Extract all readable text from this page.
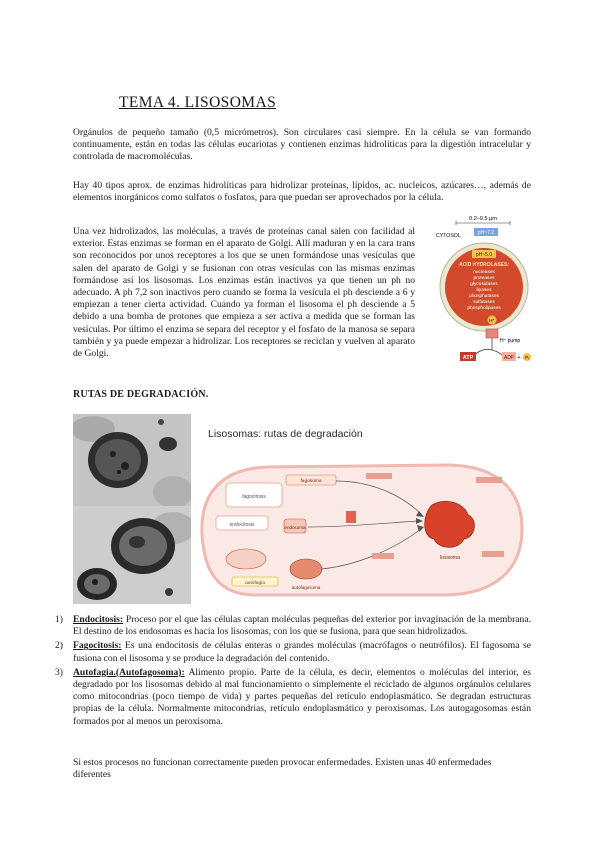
TEMA 4. LISOSOMAS

Orgánulos de pequeño tamaño (0,5 micrómetros). Son circulares casi siempre. En la célula se van formando continuamente, están en todas las células eucariotas y contienen enzimas hidrolíticas para la digestión intracelular y controlada de macromoléculas.

Hay 40 tipos aprox. de enzimas hidrolíticas para hidrolizar proteínas, lípidos, ac. nucleicos, azúcares…, además de elementos inorgánicos como sulfatos o fosfatos, para que puedan ser aprovechados por la célula.

Una vez hidrolizados, las moléculas, a través de proteínas canal salen con facilidad al exterior. Estas enzimas se forman en el aparato de Golgi. Allí maduran y en la cara trans son reconocidos por unos receptores a los que se unen formándose unas vesículas que salen del aparato de Golgi y se fusionan con otras vesículas con las mismas enzimas formándose así los lisosomas. Los enzimas están inactivos ya que tienen un ph no adecuado. A ph 7,2 son inactivos pero cuando se forma la vesícula el ph desciende a 6 y empiezan a tener cierta actividad. Cuando ya forman el lisosoma el ph desciende a 5 debido a una bomba de protones que empieza a ser activa a medida que se forman las vesículas. Por último el enzima se separa del receptor y el fosfato de la manosa se separa también y ya puede empezar a hidrolizar. Los receptores se reciclan y vuelven al aparato de Golgi.

0.2–0.5 μm
CYTOSOL	pH~7.2
pH~5.0
ACID HYDROLASES:
nucleases
proteases
glycosidases
lipases
phosphatases
sulfatases
phospholipases
H⁺
H⁺ pump
ATP	ADP + Pᵢ
RUTAS DE DEGRADACIÓN.
Lisosomas: rutas de degradación
fagocitosis
fagosoma
endocitosis	endosoma
autofagia
autofagosoma
lisosoma
1) Endocitosis: Proceso por el que las células captan moléculas pequeñas del exterior por invaginación de la membrana. El destino de los endosomas es hacia los lisosomas, con los que se fusiona, para que sean hidrolizados.
2) Fagocitosis: Es una endocitosis de células enteras o grandes moléculas (macrófagos o neutrófilos). El fagosoma se fusiona con el lisosoma y se produce la degradación del contenido.
3) Autofagia.(Autofagosoma): Alimento propio. Parte de la célula, es decir, elementos o moléculas del interior, es degradado por los lisosomas debido al mal funcionamiento o simplemente el reciclado de algunos orgánulos celulares como mitocondrias (poco tiempo de vida) y partes pequeñas del retículo endoplasmático. Se degradan estructuras propias de la célula. Normalmente mitocondrias, retículo endoplasmático y peroxisomas. Los autogagosomas están formados por al menos un peroxisoma.

Si estos procesos no funcionan correctamente pueden provocar enfermedades. Existen unas 40 enfermedades diferentes
